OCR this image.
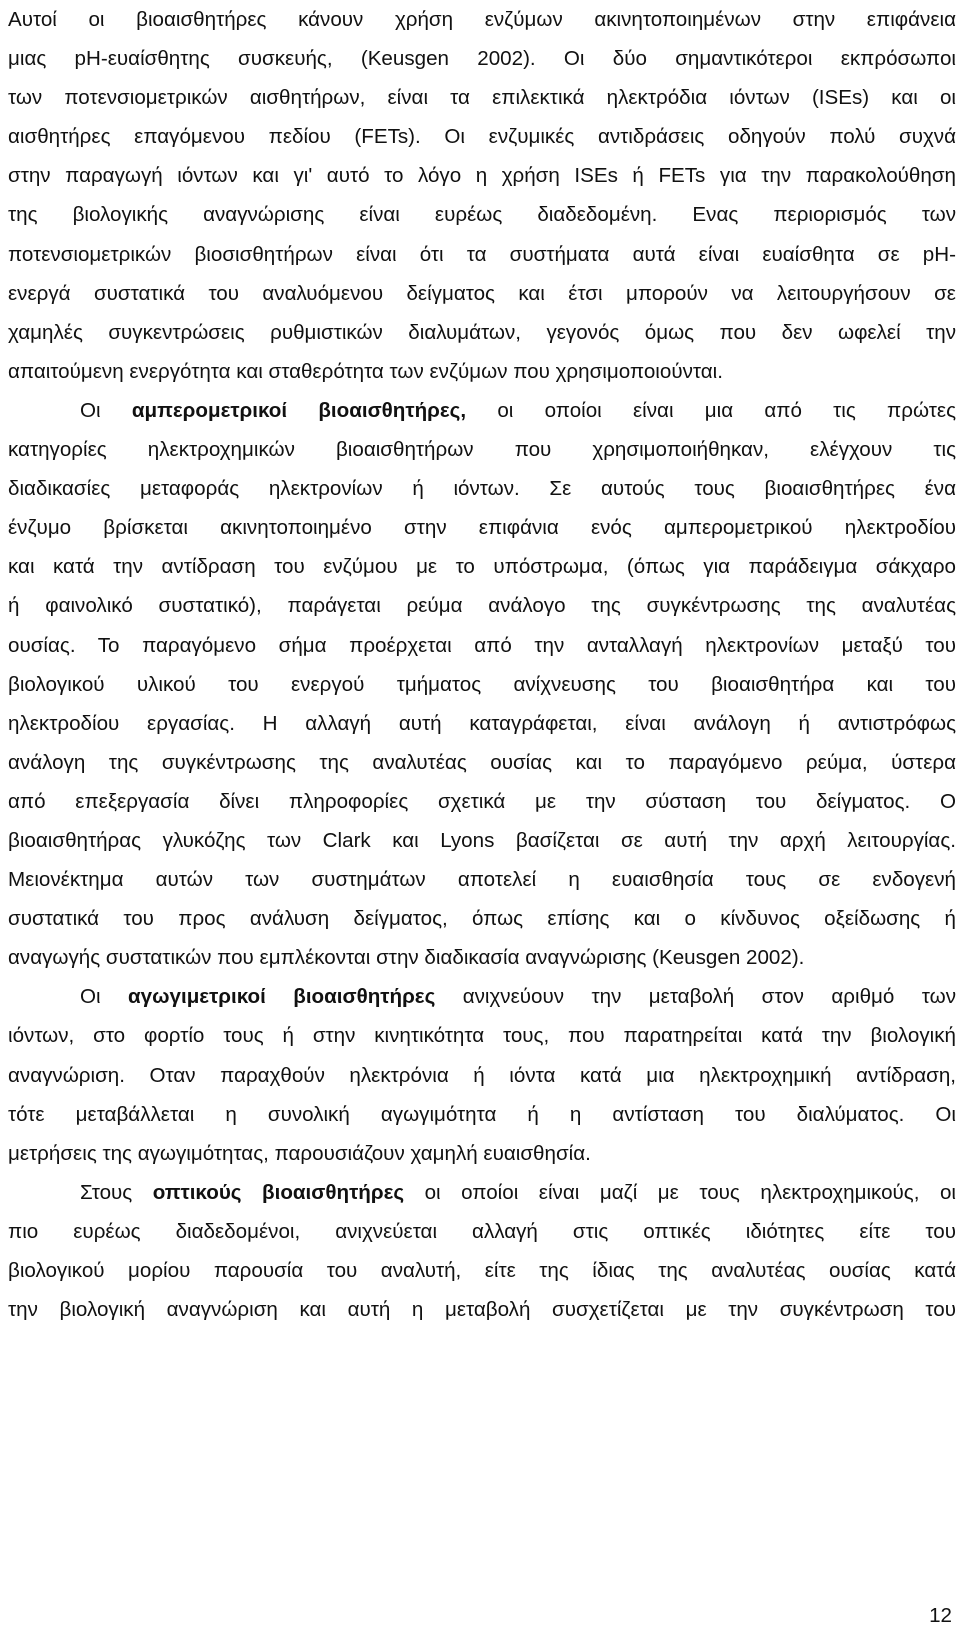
Αυτοί οι βιοαισθητήρες κάνουν χρήση ενζύμων ακινητοποιημένων στην επιφάνεια
μιας pH-ευαίσθητης συσκευής, (Keusgen 2002). Οι δύο σημαντικότεροι εκπρόσωποι
των ποτενσιομετρικών αισθητήρων, είναι τα επιλεκτικά ηλεκτρόδια ιόντων (ISEs) και οι
αισθητήρες επαγόμενου πεδίου (FETs). Οι ενζυμικές αντιδράσεις οδηγούν πολύ συχνά
στην παραγωγή ιόντων και γι' αυτό το λόγο η χρήση ISEs ή FETs για την παρακολούθηση
της βιολογικής αναγνώρισης είναι ευρέως διαδεδομένη. Ενας περιορισμός των
ποτενσιομετρικών βιοσισθητήρων είναι ότι τα συστήματα αυτά είναι ευαίσθητα σε pH-
ενεργά συστατικά του αναλυόμενου δείγματος και έτσι μπορούν να λειτουργήσουν σε
χαμηλές συγκεντρώσεις ρυθμιστικών διαλυμάτων, γεγονός όμως που δεν ωφελεί την
απαιτούμενη ενεργότητα και σταθερότητα των ενζύμων που χρησιμοποιούνται.
Οι αμπερομετρικοί βιοαισθητήρες, οι οποίοι είναι μια από τις πρώτες
κατηγορίες ηλεκτροχημικών βιοαισθητήρων που χρησιμοποιήθηκαν, ελέγχουν τις
διαδικασίες μεταφοράς ηλεκτρονίων ή ιόντων. Σε αυτούς τους βιοαισθητήρες ένα
ένζυμο βρίσκεται ακινητοποιημένο στην επιφάνια ενός αμπερομετρικού ηλεκτροδίου
και κατά την αντίδραση του ενζύμου με το υπόστρωμα, (όπως για παράδειγμα σάκχαρο
ή φαινολικό συστατικό), παράγεται ρεύμα ανάλογο της συγκέντρωσης της αναλυτέας
ουσίας. Το παραγόμενο σήμα προέρχεται από την ανταλλαγή ηλεκτρονίων μεταξύ του
βιολογικού υλικού του ενεργού τμήματος ανίχνευσης του βιοαισθητήρα και του
ηλεκτροδίου εργασίας. Η αλλαγή αυτή καταγράφεται, είναι ανάλογη ή αντιστρόφως
ανάλογη της συγκέντρωσης της αναλυτέας ουσίας και το παραγόμενο ρεύμα, ύστερα
από επεξεργασία δίνει πληροφορίες σχετικά με την σύσταση του δείγματος. Ο
βιοαισθητήρας γλυκόζης των Clark και Lyons βασίζεται σε αυτή την αρχή λειτουργίας.
Μειονέκτημα αυτών των συστημάτων αποτελεί η ευαισθησία τους σε ενδογενή
συστατικά του προς ανάλυση δείγματος, όπως επίσης και ο κίνδυνος οξείδωσης ή
αναγωγής συστατικών που εμπλέκονται στην διαδικασία αναγνώρισης (Keusgen 2002).
Οι αγωγιμετρικοί βιοαισθητήρες ανιχνεύουν την μεταβολή στον αριθμό των
ιόντων, στο φορτίο τους ή στην κινητικότητα τους, που παρατηρείται κατά την βιολογική
αναγνώριση. Οταν παραχθούν ηλεκτρόνια ή ιόντα κατά μια ηλεκτροχημική αντίδραση,
τότε μεταβάλλεται η συνολική αγωγιμότητα ή η αντίσταση του διαλύματος. Οι
μετρήσεις της αγωγιμότητας, παρουσιάζουν χαμηλή ευαισθησία.
Στους οπτικούς βιοαισθητήρες οι οποίοι είναι μαζί με τους ηλεκτροχημικούς, οι
πιο ευρέως διαδεδομένοι, ανιχνεύεται αλλαγή στις οπτικές ιδιότητες είτε του
βιολογικού μορίου παρουσία του αναλυτή, είτε της ίδιας της αναλυτέας ουσίας κατά
την βιολογική αναγνώριση και αυτή η μεταβολή συσχετίζεται με την συγκέντρωση του
12
